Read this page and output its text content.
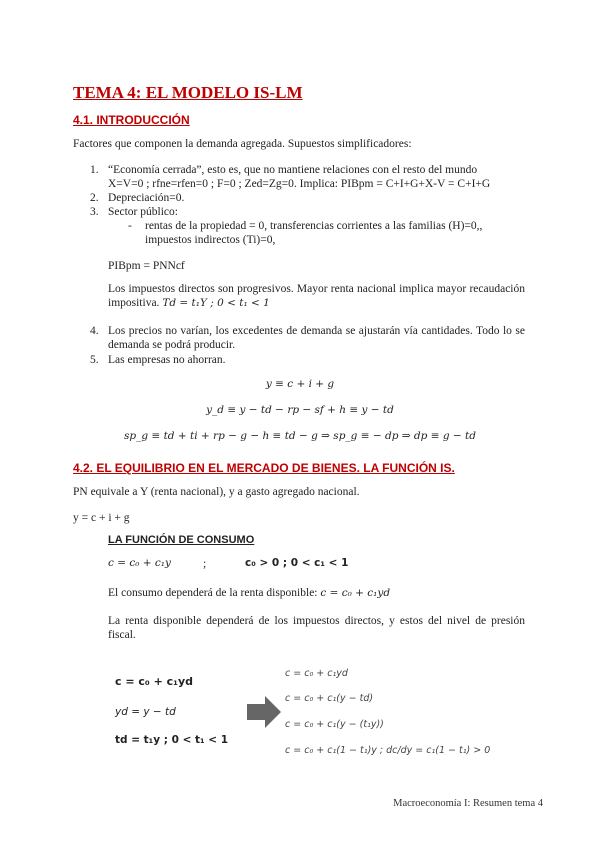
TEMA 4: EL MODELO IS-LM
4.1. INTRODUCCIÓN
Factores que componen la demanda agregada. Supuestos simplificadores:
1. “Economía cerrada”, esto es, que no mantiene relaciones con el resto del mundo
X=V=0 ; rfne=rfen=0 ; F=0 ; Zed=Zg=0. Implica: PIBpm = C+I+G+X-V = C+I+G
2. Depreciación=0.
3. Sector público:
- rentas de la propiedad = 0, transferencias corrientes a las familias (H)=0,,
impuestos indirectos (Ti)=0,
PIBpm = PNNcf
Los impuestos directos son progresivos. Mayor renta nacional implica mayor recaudación impositiva. Td = t₁Y ; 0 < t₁ < 1
4. Los precios no varían, los excedentes de demanda se ajustarán vía cantidades. Todo lo se demanda se podrá producir.
5. Las empresas no ahorran.
y ≡ c + i + g
y_d ≡ y − td − rp − sf + h ≡ y − td
sp_g ≡ td + ti + rp − g − h ≡ td − g ⇒ sp_g ≡ − dp ⇒ dp ≡ g − td
4.2. EL EQUILIBRIO EN EL MERCADO DE BIENES. LA FUNCIÓN IS.
PN equivale a Y (renta nacional), y a gasto agregado nacional.
y = c + i + g
LA FUNCIÓN DE CONSUMO
c = c₀ + c₁y	;	c₀ > 0 ; 0 < c₁ < 1
El consumo dependerá de la renta disponible: c = c₀ + c₁yd
La renta disponible dependerá de los impuestos directos, y estos del nivel de presión fiscal.
c = c₀ + c₁yd
yd = y − td
td = t₁y ; 0 < t₁ < 1
c = c₀ + c₁yd
c = c₀ + c₁(y − td)
c = c₀ + c₁(y − (t₁y))
c = c₀ + c₁(1 − t₁)y ; dc/dy = c₁(1 − t₁) > 0
Macroeconomía I: Resumen tema 4
